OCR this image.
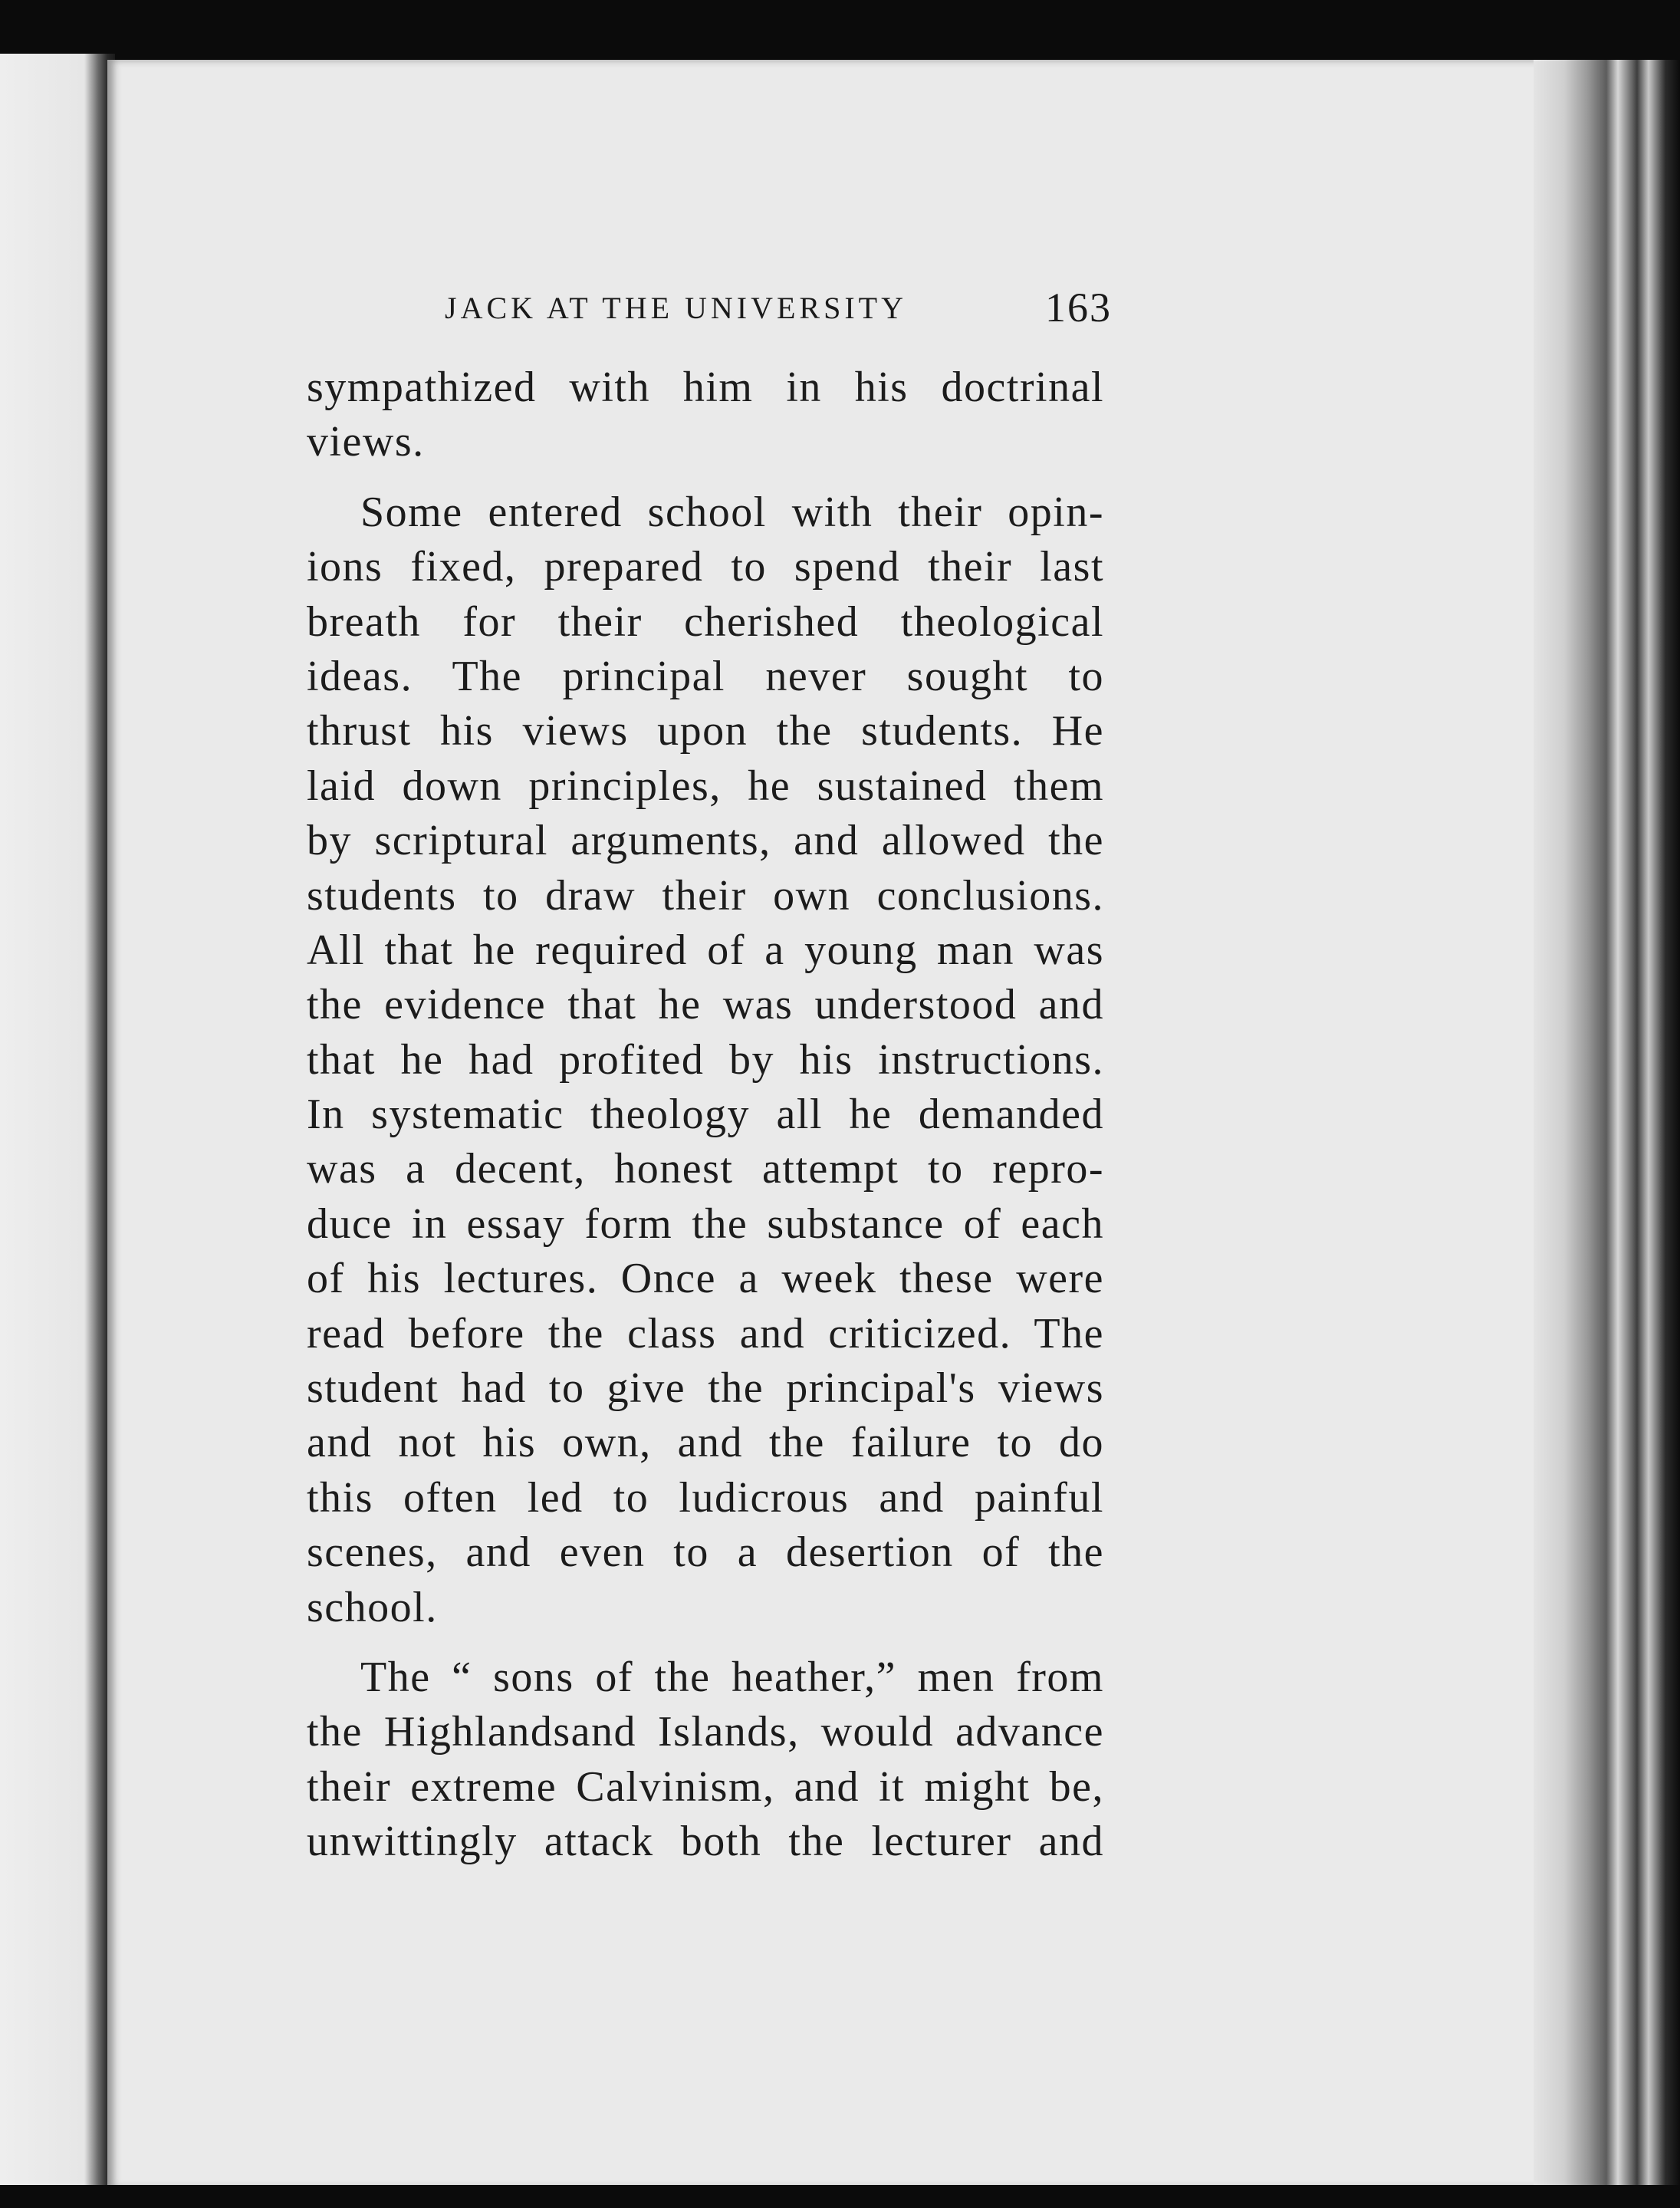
JACK AT THE UNIVERSITY	163
sympathized with him in his doctrinal
views.
Some entered school with their opin-
ions fixed, prepared to spend their last
breath for their cherished theological
ideas. The principal never sought to
thrust his views upon the students. He
laid down principles, he sustained them
by scriptural arguments, and allowed the
students to draw their own conclusions.
All that he required of a young man was
the evidence that he was understood and
that he had profited by his instructions.
In systematic theology all he demanded
was a decent, honest attempt to repro-
duce in essay form the substance of each
of his lectures. Once a week these were
read before the class and criticized. The
student had to give the principal's views
and not his own, and the failure to do
this often led to ludicrous and painful
scenes, and even to a desertion of the
school.
The “ sons of the heather,” men from
the Highlandsand Islands, would advance
their extreme Calvinism, and it might be,
unwittingly attack both the lecturer and
